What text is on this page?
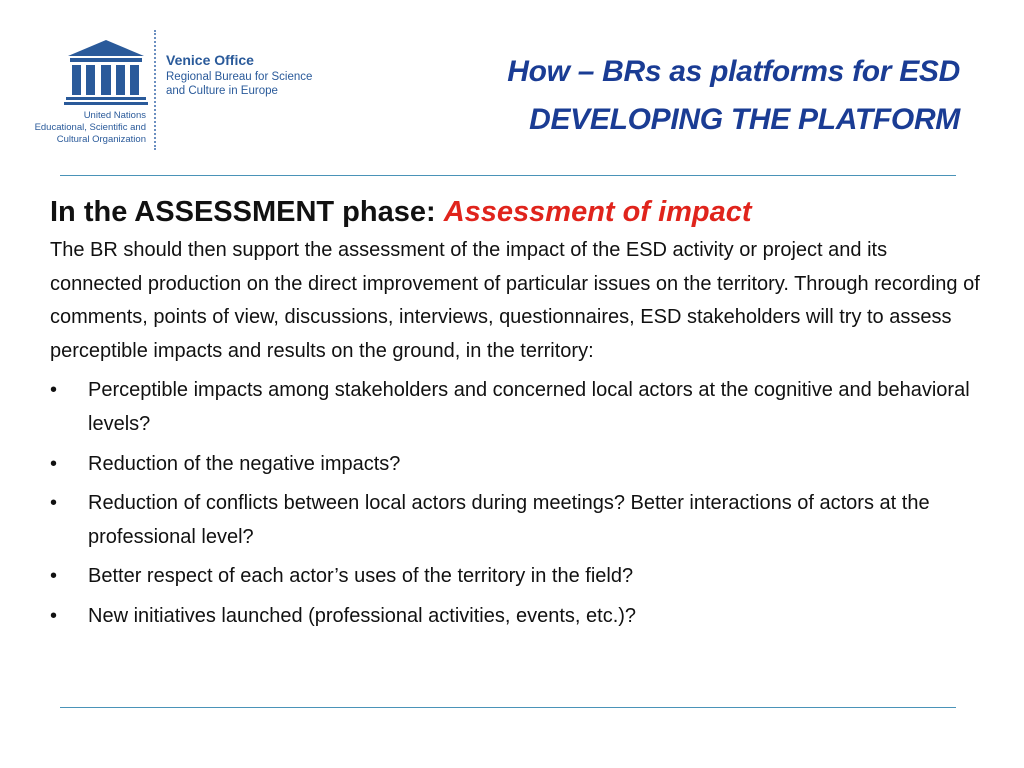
United Nations
Educational, Scientific and
Cultural Organization
Venice Office
Regional Bureau for Science
and Culture in Europe
How – BRs as platforms for ESD
DEVELOPING THE PLATFORM
In the ASSESSMENT phase: Assessment of impact

The BR should then support the assessment of the impact of the ESD activity or project and its connected production on the direct improvement of particular issues on the territory. Through recording of comments, points of view, discussions, interviews, questionnaires, ESD stakeholders will try to assess perceptible impacts and results on the ground, in the territory:

• Perceptible impacts among stakeholders and concerned local actors at the cognitive and behavioral levels?
• Reduction of the negative impacts?
• Reduction of conflicts between local actors during meetings? Better interactions of actors at the professional level?
• Better respect of each actor’s uses of the territory in the field?
• New initiatives launched (professional activities, events, etc.)?
